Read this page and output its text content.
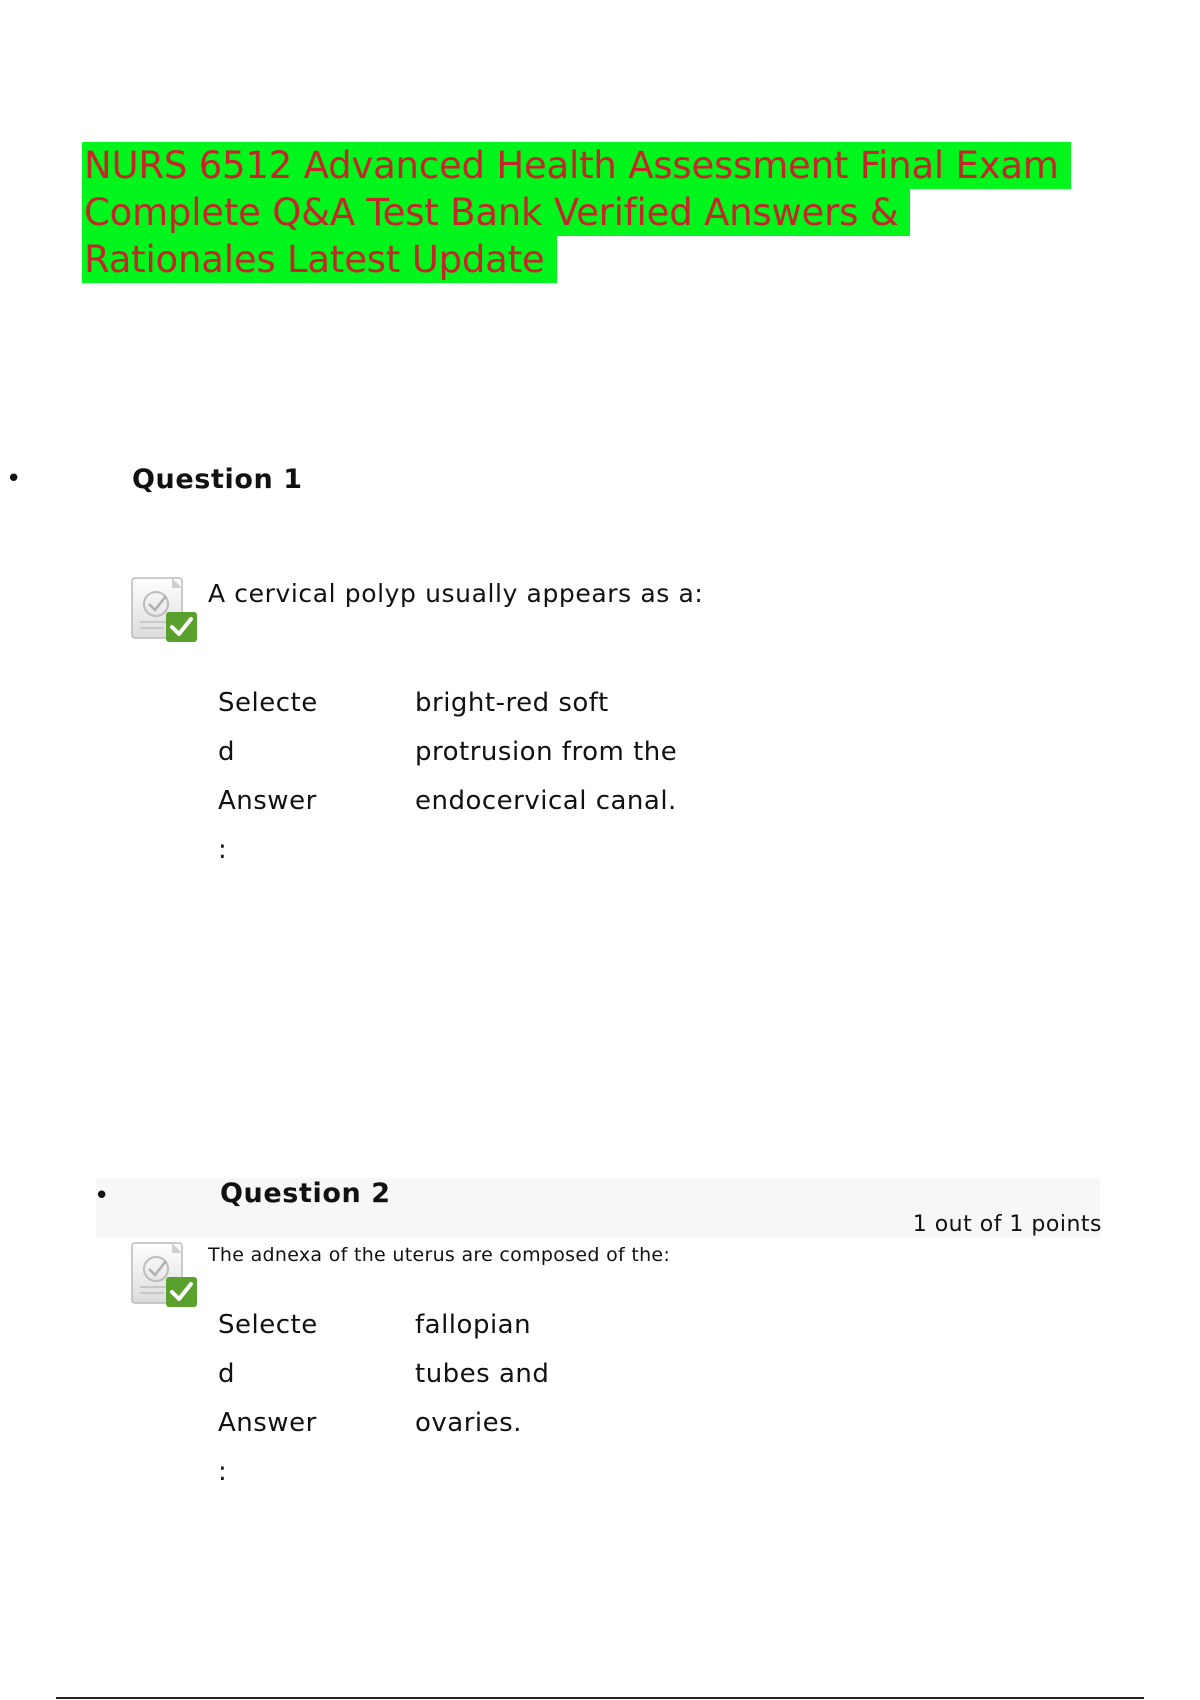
NURS 6512 Advanced Health Assessment Final Exam
Complete Q&A Test Bank Verified Answers &
Rationales Latest Update
•	Question 1
A cervical polyp usually appears as a:
Selecte
d
Answer
:
bright-red soft protrusion from the endocervical canal.
•	Question 2
1 out of 1 points
The adnexa of the uterus are composed of the:
Selecte
d
Answer
:
fallopian tubes and ovaries.
